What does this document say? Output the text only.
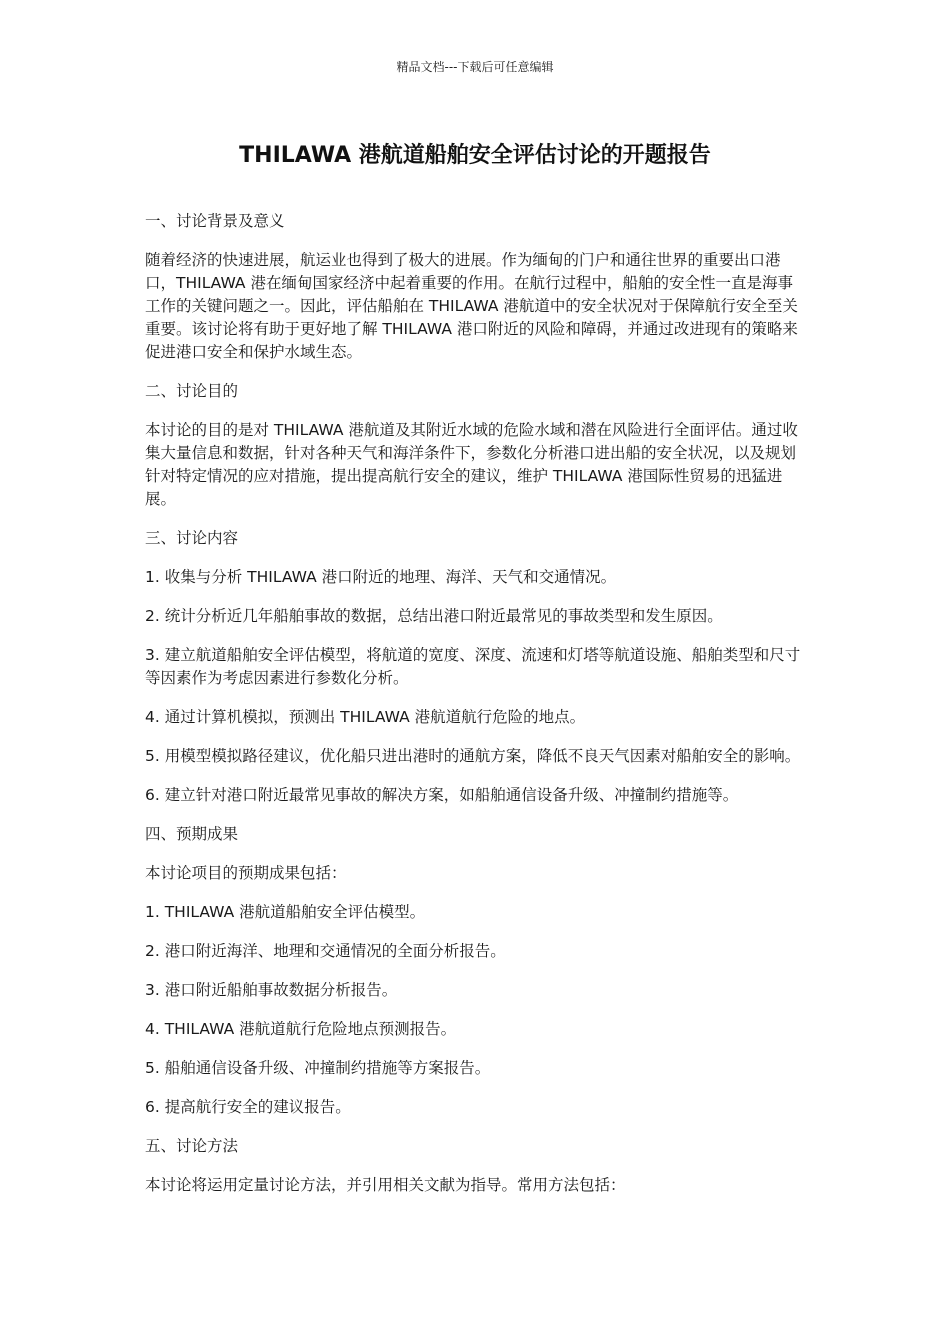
精品文档---下载后可任意编辑
THILAWA 港航道船舶安全评估讨论的开题报告

一、讨论背景及意义

随着经济的快速进展，航运业也得到了极大的进展。作为缅甸的门户和通往世界的重要出口港口，THILAWA 港在缅甸国家经济中起着重要的作用。在航行过程中，船舶的安全性一直是海事工作的关键问题之一。因此，评估船舶在 THILAWA 港航道中的安全状况对于保障航行安全至关重要。该讨论将有助于更好地了解 THILAWA 港口附近的风险和障碍，并通过改进现有的策略来促进港口安全和保护水域生态。

二、讨论目的

本讨论的目的是对 THILAWA 港航道及其附近水域的危险水域和潜在风险进行全面评估。通过收集大量信息和数据，针对各种天气和海洋条件下，参数化分析港口进出船的安全状况，以及规划针对特定情况的应对措施，提出提高航行安全的建议，维护 THILAWA 港国际性贸易的迅猛进展。

三、讨论内容

1. 收集与分析 THILAWA 港口附近的地理、海洋、天气和交通情况。

2. 统计分析近几年船舶事故的数据，总结出港口附近最常见的事故类型和发生原因。

3. 建立航道船舶安全评估模型，将航道的宽度、深度、流速和灯塔等航道设施、船舶类型和尺寸等因素作为考虑因素进行参数化分析。

4. 通过计算机模拟，预测出 THILAWA 港航道航行危险的地点。

5. 用模型模拟路径建议，优化船只进出港时的通航方案，降低不良天气因素对船舶安全的影响。

6. 建立针对港口附近最常见事故的解决方案，如船舶通信设备升级、冲撞制约措施等。

四、预期成果

本讨论项目的预期成果包括：

1. THILAWA 港航道船舶安全评估模型。

2. 港口附近海洋、地理和交通情况的全面分析报告。

3. 港口附近船舶事故数据分析报告。

4. THILAWA 港航道航行危险地点预测报告。

5. 船舶通信设备升级、冲撞制约措施等方案报告。

6. 提高航行安全的建议报告。

五、讨论方法

本讨论将运用定量讨论方法，并引用相关文献为指导。常用方法包括：
